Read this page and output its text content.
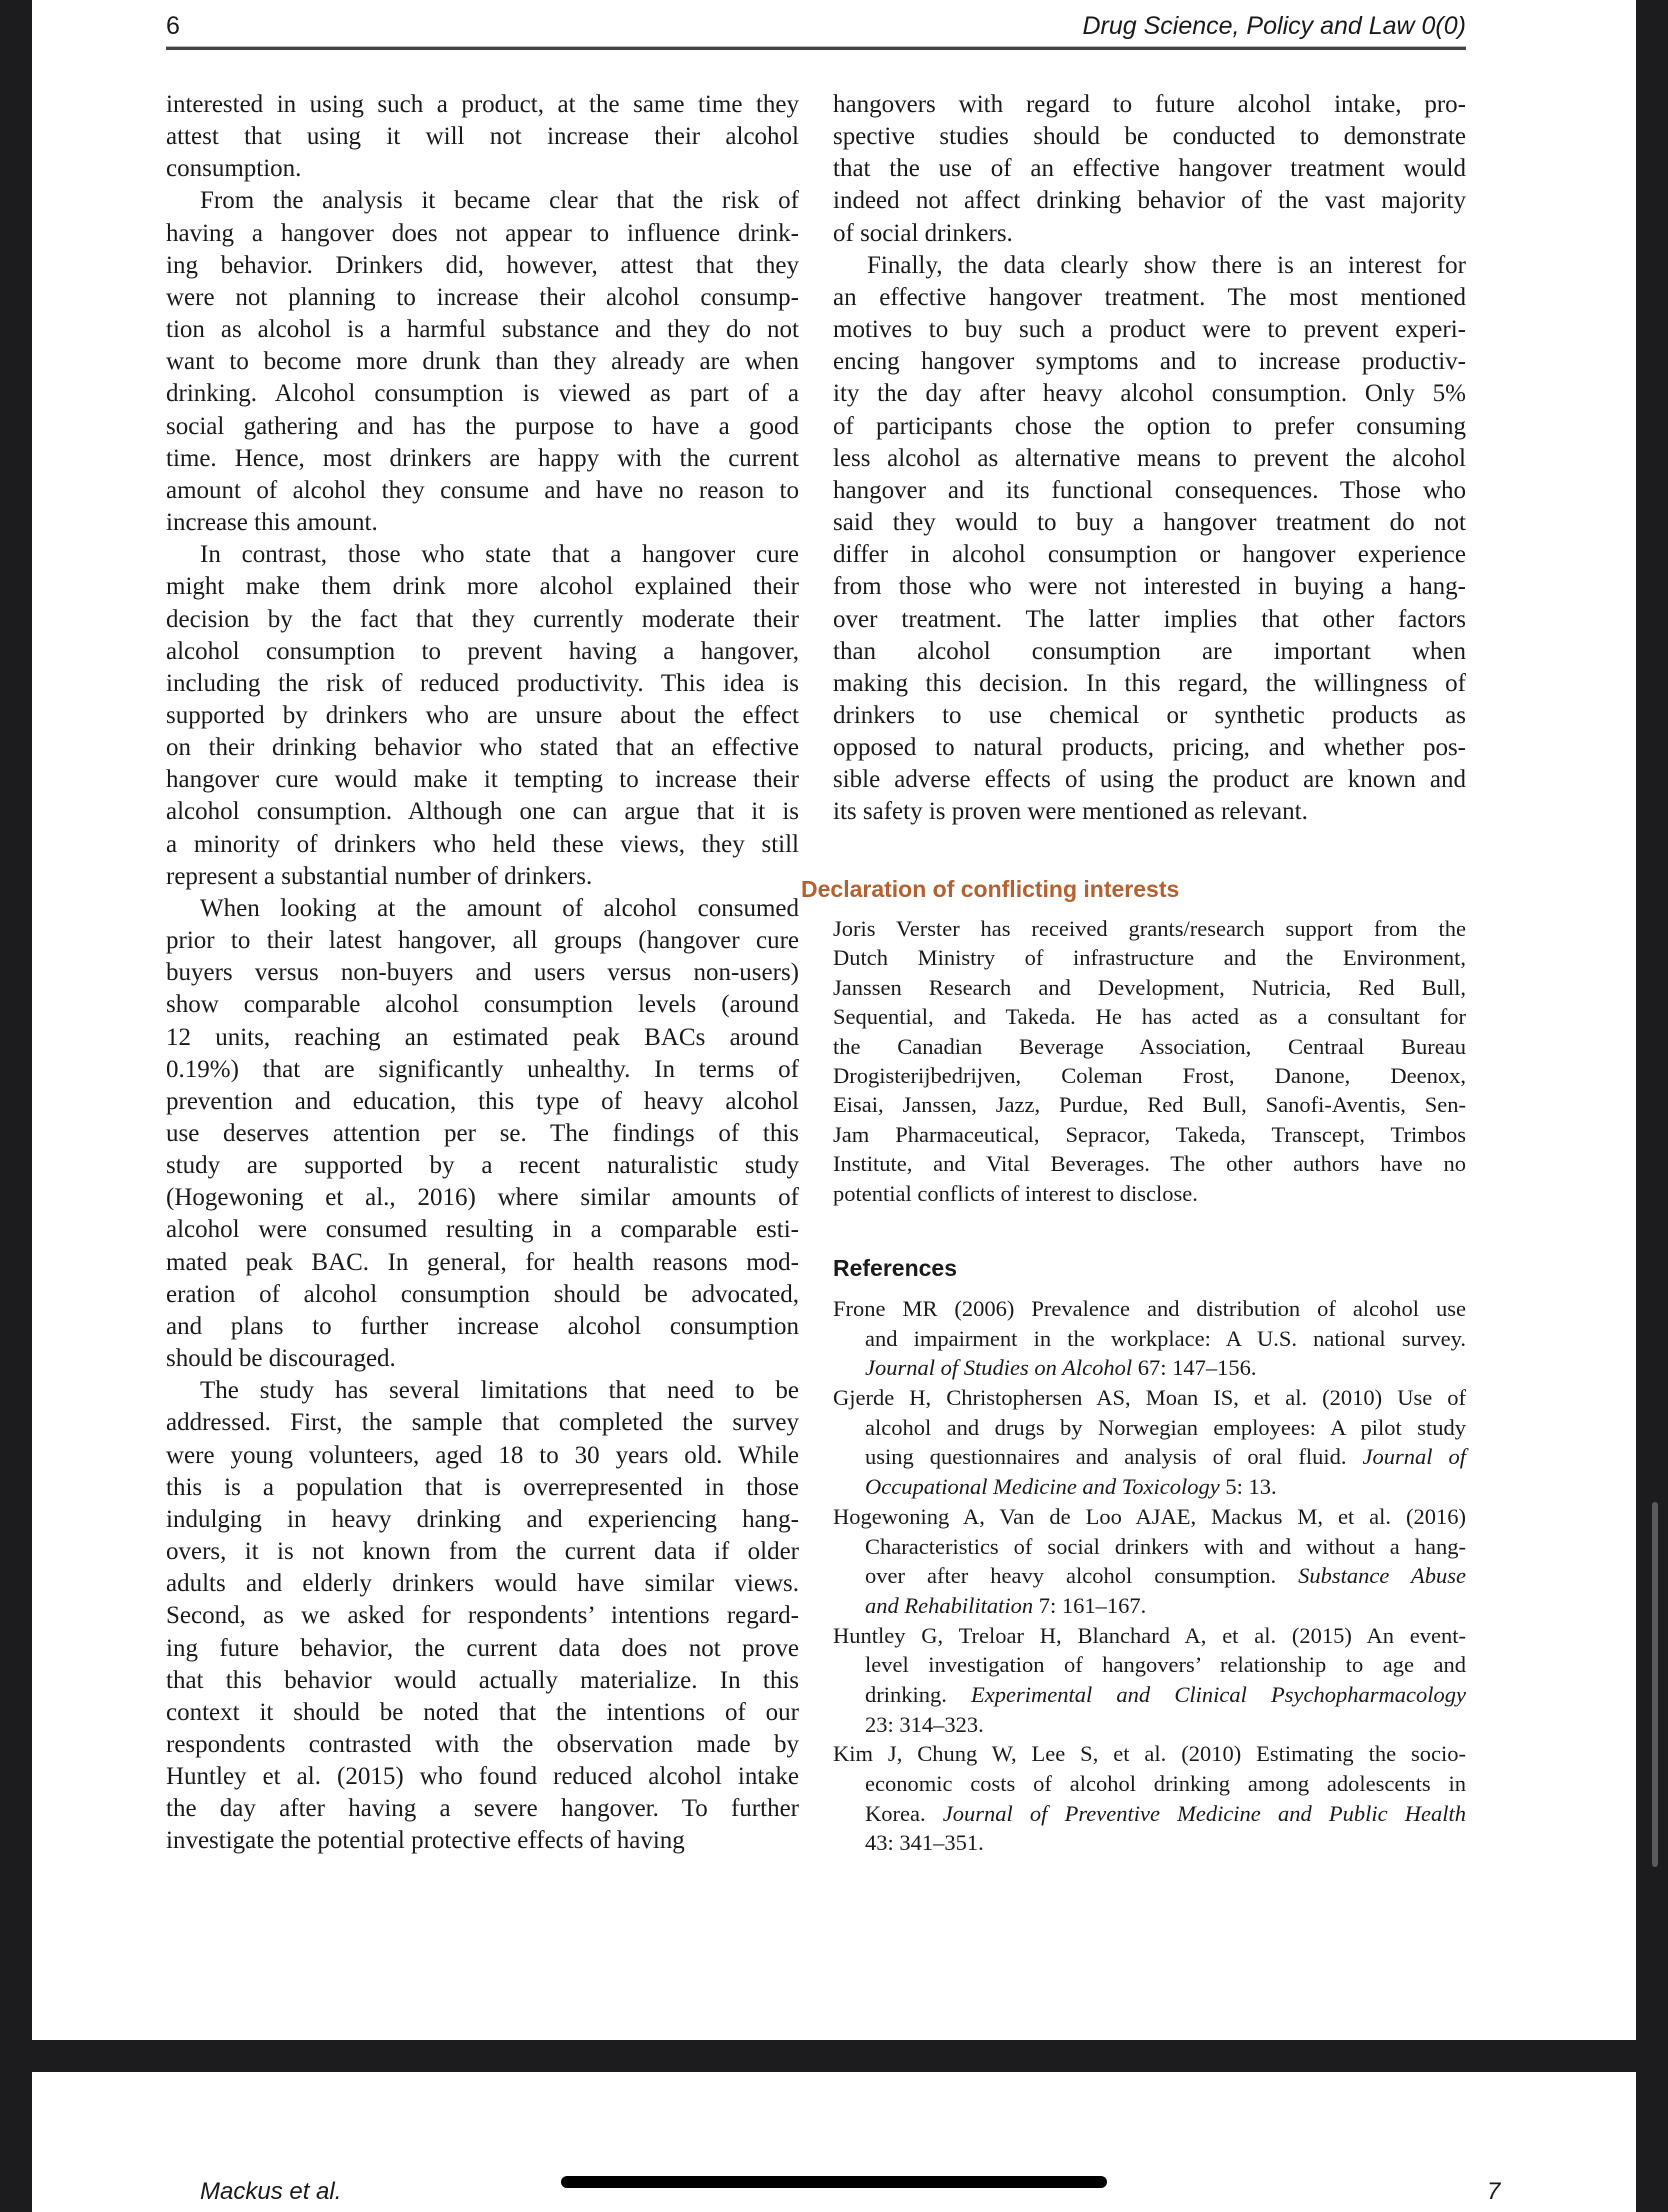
6	Drug Science, Policy and Law 0(0)
interested in using such a product, at the same time they
attest that using it will not increase their alcohol
consumption.
From the analysis it became clear that the risk of
having a hangover does not appear to influence drink-
ing behavior. Drinkers did, however, attest that they
were not planning to increase their alcohol consump-
tion as alcohol is a harmful substance and they do not
want to become more drunk than they already are when
drinking. Alcohol consumption is viewed as part of a
social gathering and has the purpose to have a good
time. Hence, most drinkers are happy with the current
amount of alcohol they consume and have no reason to
increase this amount.
In contrast, those who state that a hangover cure
might make them drink more alcohol explained their
decision by the fact that they currently moderate their
alcohol consumption to prevent having a hangover,
including the risk of reduced productivity. This idea is
supported by drinkers who are unsure about the effect
on their drinking behavior who stated that an effective
hangover cure would make it tempting to increase their
alcohol consumption. Although one can argue that it is
a minority of drinkers who held these views, they still
represent a substantial number of drinkers.
When looking at the amount of alcohol consumed
prior to their latest hangover, all groups (hangover cure
buyers versus non-buyers and users versus non-users)
show comparable alcohol consumption levels (around
12 units, reaching an estimated peak BACs around
0.19%) that are significantly unhealthy. In terms of
prevention and education, this type of heavy alcohol
use deserves attention per se. The findings of this
study are supported by a recent naturalistic study
(Hogewoning et al., 2016) where similar amounts of
alcohol were consumed resulting in a comparable esti-
mated peak BAC. In general, for health reasons mod-
eration of alcohol consumption should be advocated,
and plans to further increase alcohol consumption
should be discouraged.
The study has several limitations that need to be
addressed. First, the sample that completed the survey
were young volunteers, aged 18 to 30 years old. While
this is a population that is overrepresented in those
indulging in heavy drinking and experiencing hang-
overs, it is not known from the current data if older
adults and elderly drinkers would have similar views.
Second, as we asked for respondents’ intentions regard-
ing future behavior, the current data does not prove
that this behavior would actually materialize. In this
context it should be noted that the intentions of our
respondents contrasted with the observation made by
Huntley et al. (2015) who found reduced alcohol intake
the day after having a severe hangover. To further
investigate the potential protective effects of having
hangovers with regard to future alcohol intake, pro-
spective studies should be conducted to demonstrate
that the use of an effective hangover treatment would
indeed not affect drinking behavior of the vast majority
of social drinkers.
Finally, the data clearly show there is an interest for
an effective hangover treatment. The most mentioned
motives to buy such a product were to prevent experi-
encing hangover symptoms and to increase productiv-
ity the day after heavy alcohol consumption. Only 5%
of participants chose the option to prefer consuming
less alcohol as alternative means to prevent the alcohol
hangover and its functional consequences. Those who
said they would to buy a hangover treatment do not
differ in alcohol consumption or hangover experience
from those who were not interested in buying a hang-
over treatment. The latter implies that other factors
than alcohol consumption are important when
making this decision. In this regard, the willingness of
drinkers to use chemical or synthetic products as
opposed to natural products, pricing, and whether pos-
sible adverse effects of using the product are known and
its safety is proven were mentioned as relevant.
Declaration of conflicting interests
Joris Verster has received grants/research support from the
Dutch Ministry of infrastructure and the Environment,
Janssen Research and Development, Nutricia, Red Bull,
Sequential, and Takeda. He has acted as a consultant for
the Canadian Beverage Association, Centraal Bureau
Drogisterijbedrijven, Coleman Frost, Danone, Deenox,
Eisai, Janssen, Jazz, Purdue, Red Bull, Sanofi-Aventis, Sen-
Jam Pharmaceutical, Sepracor, Takeda, Transcept, Trimbos
Institute, and Vital Beverages. The other authors have no
potential conflicts of interest to disclose.
References
Frone MR (2006) Prevalence and distribution of alcohol use
and impairment in the workplace: A U.S. national survey.
Journal of Studies on Alcohol 67: 147–156.
Gjerde H, Christophersen AS, Moan IS, et al. (2010) Use of
alcohol and drugs by Norwegian employees: A pilot study
using questionnaires and analysis of oral fluid. Journal of
Occupational Medicine and Toxicology 5: 13.
Hogewoning A, Van de Loo AJAE, Mackus M, et al. (2016)
Characteristics of social drinkers with and without a hang-
over after heavy alcohol consumption. Substance Abuse
and Rehabilitation 7: 161–167.
Huntley G, Treloar H, Blanchard A, et al. (2015) An event-
level investigation of hangovers’ relationship to age and
drinking. Experimental and Clinical Psychopharmacology
23: 314–323.
Kim J, Chung W, Lee S, et al. (2010) Estimating the socio-
economic costs of alcohol drinking among adolescents in
Korea. Journal of Preventive Medicine and Public Health
43: 341–351.
Mackus et al.	7
